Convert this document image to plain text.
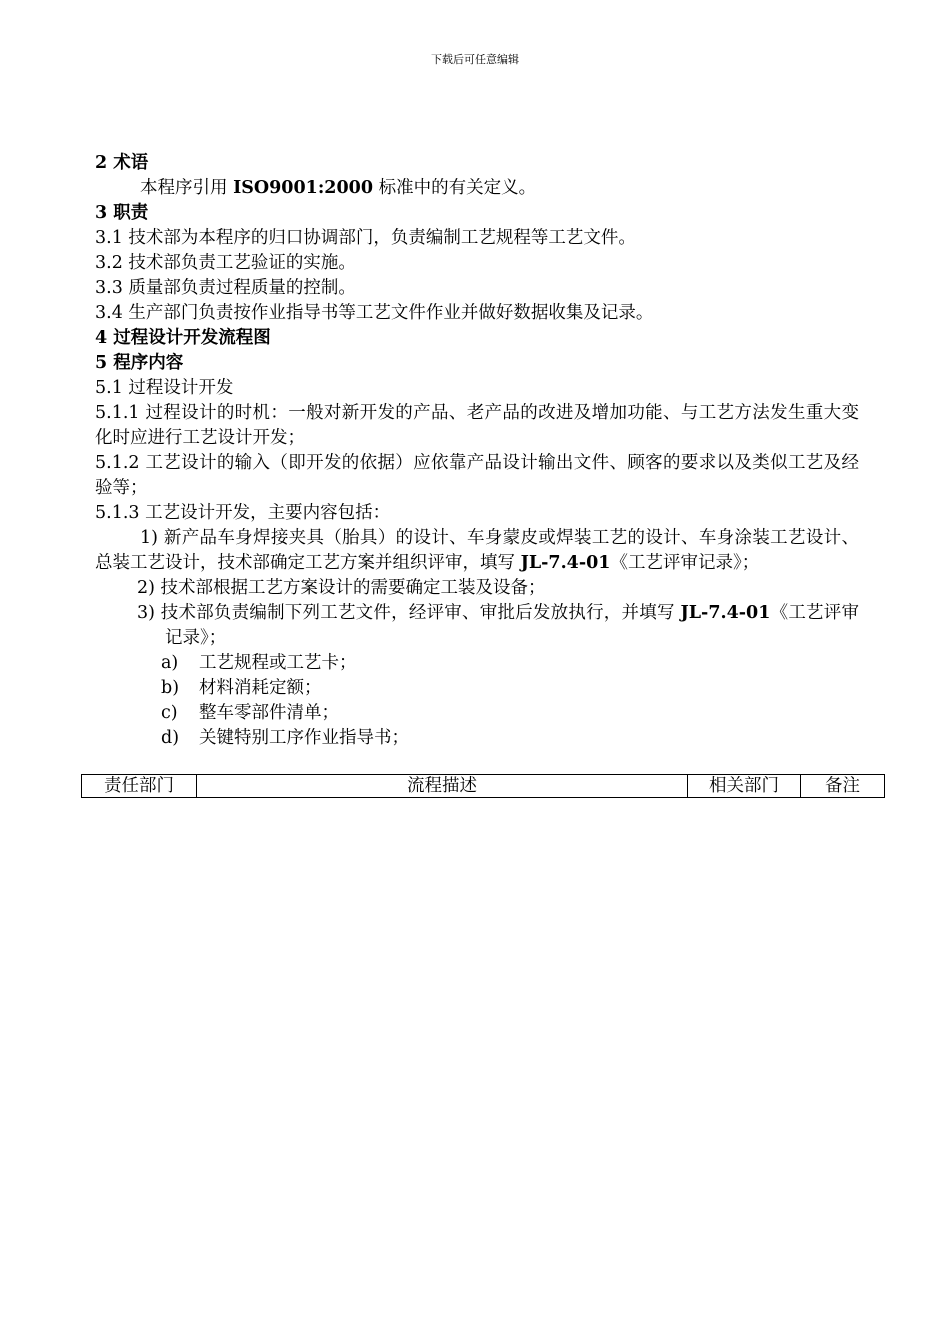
下载后可任意编辑

2 术语

本程序引用 ISO9001:2000 标准中的有关定义。

3 职责

3.1 技术部为本程序的归口协调部门，负责编制工艺规程等工艺文件。

3.2 技术部负责工艺验证的实施。

3.3 质量部负责过程质量的控制。

3.4 生产部门负责按作业指导书等工艺文件作业并做好数据收集及记录。

4 过程设计开发流程图

5 程序内容

5.1 过程设计开发

5.1.1 过程设计的时机：一般对新开发的产品、老产品的改进及增加功能、与工艺方法发生重大变化时应进行工艺设计开发；

5.1.2 工艺设计的输入（即开发的依据）应依靠产品设计输出文件、顾客的要求以及类似工艺及经验等；

5.1.3 工艺设计开发，主要内容包括：

1) 新产品车身焊接夹具（胎具）的设计、车身蒙皮或焊装工艺的设计、车身涂装工艺设计、总装工艺设计，技术部确定工艺方案并组织评审，填写 JL-7.4-01《工艺评审记录》；

2) 技术部根据工艺方案设计的需要确定工装及设备；

3) 技术部负责编制下列工艺文件，经评审、审批后发放执行，并填写 JL-7.4-01《工艺评审记录》；

a)	工艺规程或工艺卡；
b)	材料消耗定额；
c)	整车零部件清单；
d)	关键特别工序作业指导书；
责任部门	流程描述	相关部门	备注
